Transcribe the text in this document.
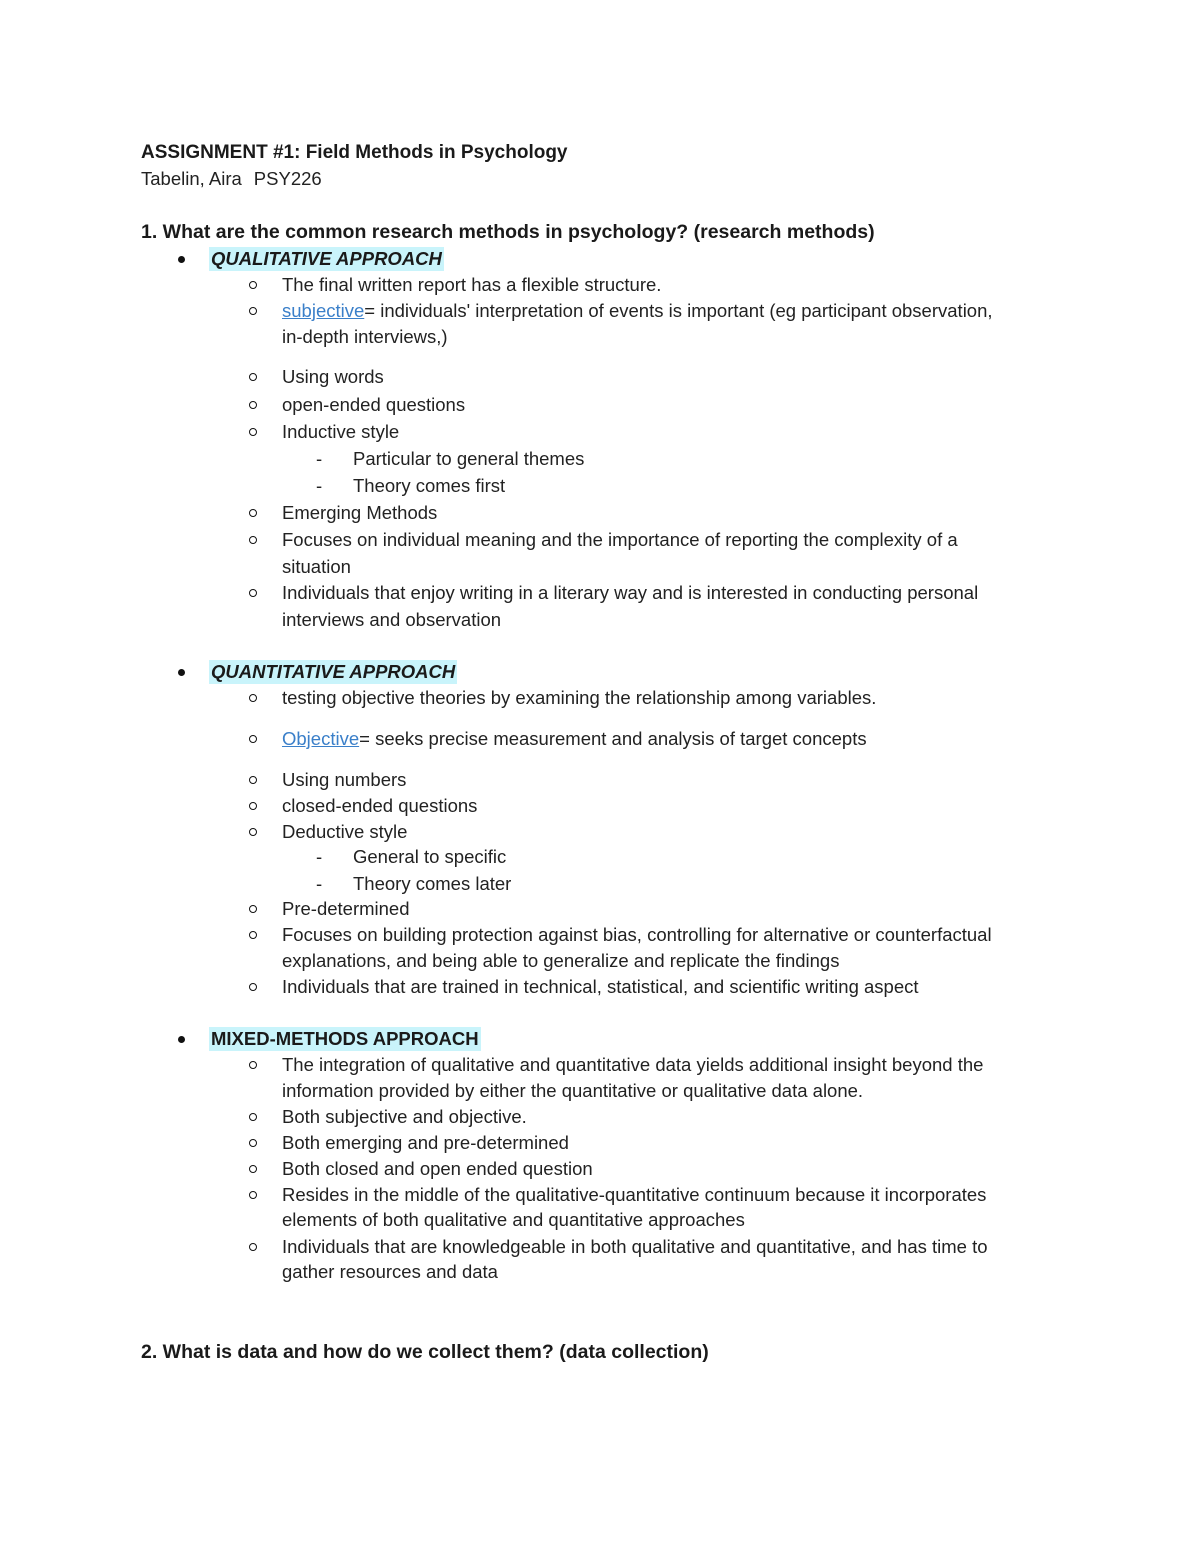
ASSIGNMENT #1: Field Methods in Psychology
Tabelin, Aira PSY226
1. What are the common research methods in psychology? (research methods)
QUALITATIVE APPROACH
The final written report has a flexible structure.
subjective= individuals' interpretation of events is important (eg participant observation,
in-depth interviews,)
Using words
open-ended questions
Inductive style
- Particular to general themes
- Theory comes first
Emerging Methods
Focuses on individual meaning and the importance of reporting the complexity of a
situation
Individuals that enjoy writing in a literary way and is interested in conducting personal
interviews and observation
QUANTITATIVE APPROACH
testing objective theories by examining the relationship among variables.
Objective= seeks precise measurement and analysis of target concepts
Using numbers
closed-ended questions
Deductive style
- General to specific
- Theory comes later
Pre-determined
Focuses on building protection against bias, controlling for alternative or counterfactual
explanations, and being able to generalize and replicate the findings
Individuals that are trained in technical, statistical, and scientific writing aspect
MIXED-METHODS APPROACH
The integration of qualitative and quantitative data yields additional insight beyond the
information provided by either the quantitative or qualitative data alone.
Both subjective and objective.
Both emerging and pre-determined
Both closed and open ended question
Resides in the middle of the qualitative-quantitative continuum because it incorporates
elements of both qualitative and quantitative approaches
Individuals that are knowledgeable in both qualitative and quantitative, and has time to
gather resources and data
2. What is data and how do we collect them? (data collection)
